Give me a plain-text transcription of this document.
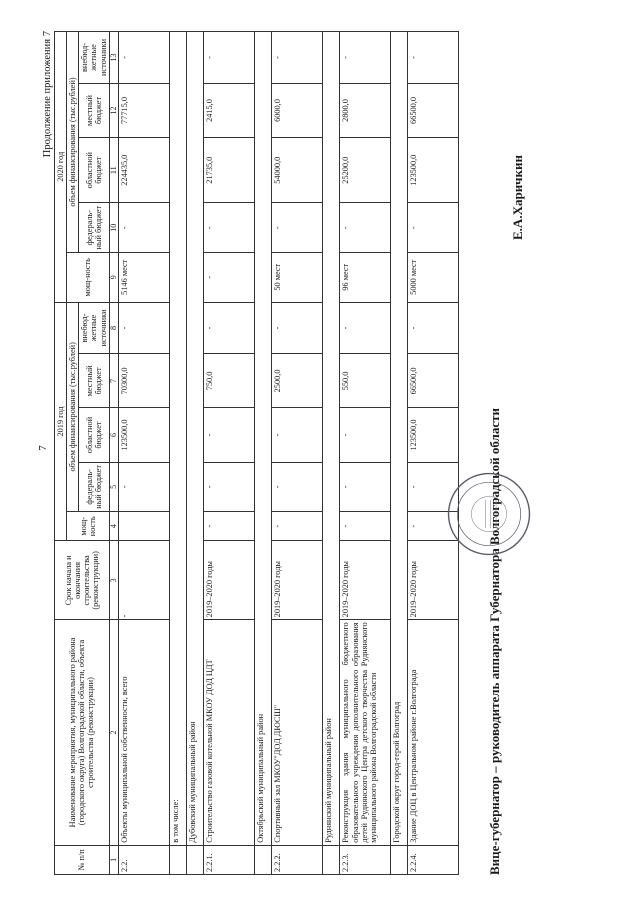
7
Продолжение приложения 7
№ п/п	Наименование мероприятия, муниципального района (городского округа) Волгоградской области, объекта строительства (реконструкции)	Срок начала и окончания строительства (реконструкции)	2019 год					2020 год				
			мощ-ность	объем финансирования (тыс.рублей)				мощ-ность	объем финансирования (тыс.рублей)			
				федераль-ный бюджет	областной бюджет	местный бюджет	внебюд-жетные источники		федераль-ный бюджет	областной бюджет	местный бюджет	внебюд-жетные источники
1	2	3	4	5	6	7	8	9	10	11	12	13
2.2.	Объекты муниципальной собственности, всего	-		-	123500,0	70300,0	-	5146 мест	-	224435,0	77715,0	-
	в том числе:											
	Дубовский муниципальный район											
2.2.1.	Строительство газовой котельной МКОУ ДОД ЦДТ	2019–2020 годы	-	-	-	750,0	-	-	-	21735,0	2415,0	-
	Октябрьский муниципальный район											
2.2.2.	Спортивный зал МКОУ"ДОД ДЮСШ"	2019–2020 годы	-	-	-	2500,0	-	50 мест	-	54000,0	6000,0	-
	Руднянский муниципальный район											
2.2.3.	Реконструкция здания муниципального бюджетного образовательного учреждения дополнительного образования детей Руднянского Центра детского творчества Руднянского муниципального района Волгоградской области	2019–2020 годы	-	-	-	550,0	-	96 мест	-	25200,0	2800,0	-
	Городской округ город-герой Волгоград											
2.2.4.	Здание ДОЦ в Центральном районе г.Волгограда	2019–2020 годы	-	-	123500,0	66500,0	-	5000 мест	-	123500,0	66500,0	-
Вице-губернатор – руководитель аппарата Губернатора Волгоградской области
Е.А.Харичкин
